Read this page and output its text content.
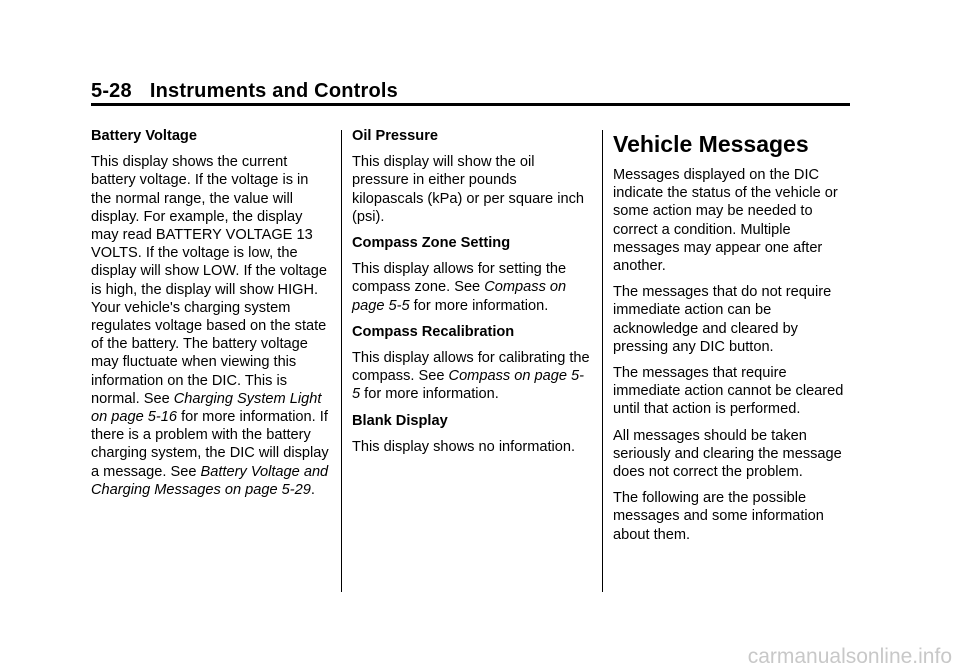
5-28 Instruments and Controls
Battery Voltage

This display shows the current battery voltage. If the voltage is in the normal range, the value will display. For example, the display may read BATTERY VOLTAGE 13 VOLTS. If the voltage is low, the display will show LOW. If the voltage is high, the display will show HIGH. Your vehicle's charging system regulates voltage based on the state of the battery. The battery voltage may fluctuate when viewing this information on the DIC. This is normal. See Charging System Light on page 5-16 for more information. If there is a problem with the battery charging system, the DIC will display a message. See Battery Voltage and Charging Messages on page 5-29.

Oil Pressure

This display will show the oil pressure in either pounds kilopascals (kPa) or per square inch (psi).

Compass Zone Setting

This display allows for setting the compass zone. See Compass on page 5-5 for more information.

Compass Recalibration

This display allows for calibrating the compass. See Compass on page 5-5 for more information.

Blank Display

This display shows no information.

Vehicle Messages

Messages displayed on the DIC indicate the status of the vehicle or some action may be needed to correct a condition. Multiple messages may appear one after another.

The messages that do not require immediate action can be acknowledge and cleared by pressing any DIC button.

The messages that require immediate action cannot be cleared until that action is performed.

All messages should be taken seriously and clearing the message does not correct the problem.

The following are the possible messages and some information about them.

carmanualsonline.info
